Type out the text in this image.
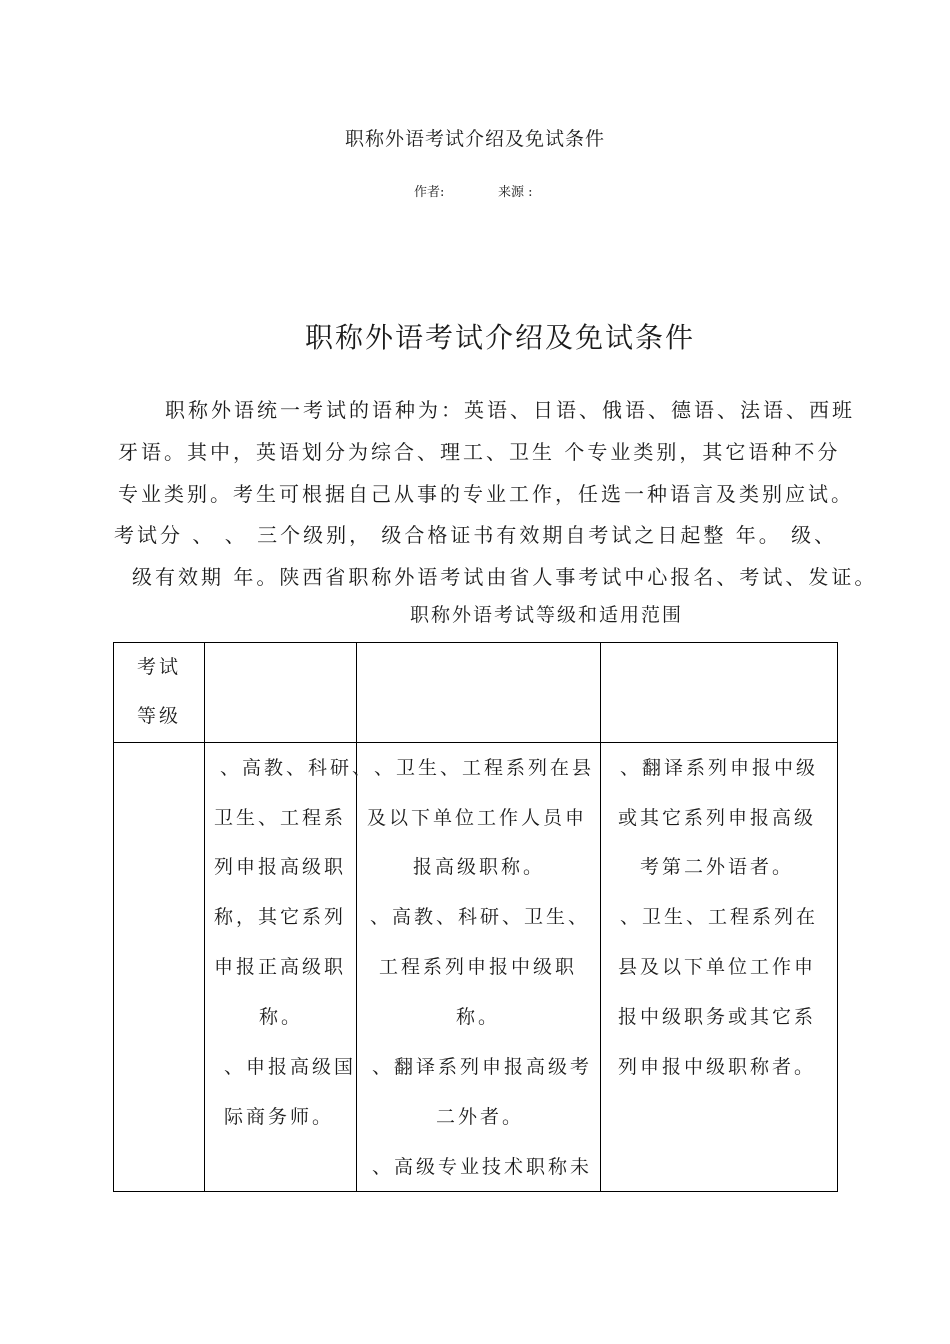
职称外语考试介绍及免试条件
作者:	来源 :
职称外语考试介绍及免试条件
职称外语统一考试的语种为：英语、日语、俄语、德语、法语、西班
牙语。其中，英语划分为综合、理工、卫生 个专业类别，其它语种不分
专业类别。考生可根据自己从事的专业工作，任选一种语言及类别应试。
考试分 、 、 三个级别， 级合格证书有效期自考试之日起整 年。 级、
级有效期 年。陕西省职称外语考试由省人事考试中心报名、考试、发证。
职称外语考试等级和适用范围
考试
等级
、高教、科研、
卫生、工程系
列申报高级职
称，其它系列
申报正高级职
称。
、申报高级国
际商务师。
、卫生、工程系列在县
及以下单位工作人员申
报高级职称。
、高教、科研、卫生、
工程系列申报中级职
称。
、翻译系列申报高级考
二外者。
、高级专业技术职称未
、翻译系列申报中级
或其它系列申报高级
考第二外语者。
、卫生、工程系列在
县及以下单位工作申
报中级职务或其它系
列申报中级职称者。
